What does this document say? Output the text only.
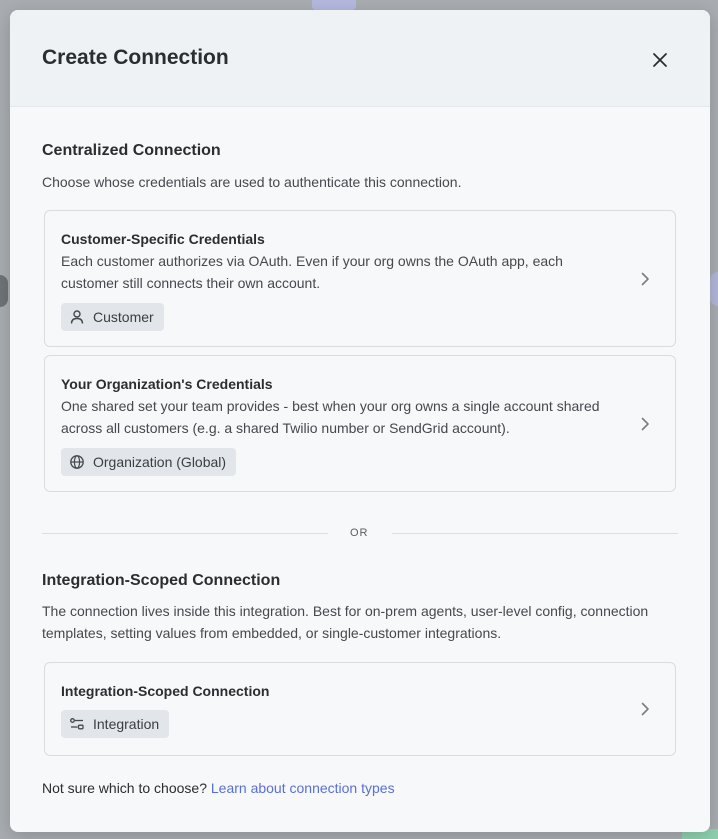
Create Connection
Centralized Connection
Choose whose credentials are used to authenticate this connection.
Customer-Specific Credentials
Each customer authorizes via OAuth. Even if your org owns the OAuth app, each customer still connects their own account.
Customer
Your Organization's Credentials
One shared set your team provides - best when your org owns a single account shared across all customers (e.g. a shared Twilio number or SendGrid account).
Organization (Global)
OR
Integration-Scoped Connection
The connection lives inside this integration. Best for on-prem agents, user-level config, connection templates, setting values from embedded, or single-customer integrations.
Integration-Scoped Connection
Integration
Not sure which to choose? Learn about connection types
